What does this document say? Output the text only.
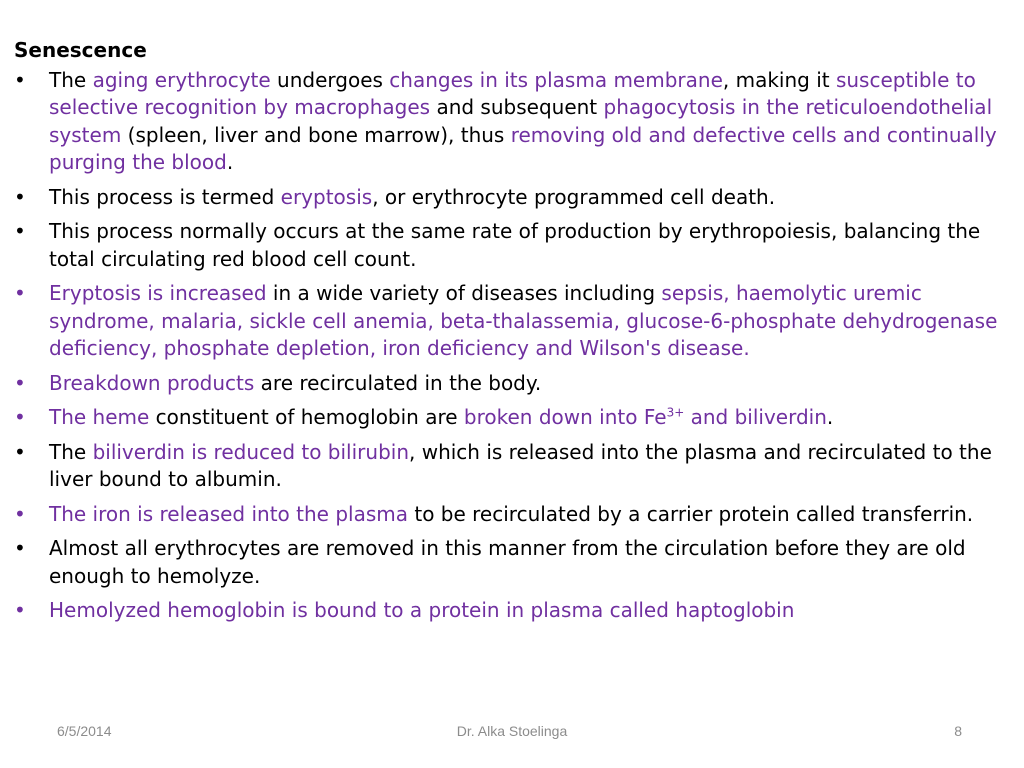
Senescence
•	The aging erythrocyte undergoes changes in its plasma membrane, making it susceptible to selective recognition by macrophages and subsequent phagocytosis in the reticuloendothelial system (spleen, liver and bone marrow), thus removing old and defective cells and continually purging the blood.
•	This process is termed eryptosis, or erythrocyte programmed cell death.
•	This process normally occurs at the same rate of production by erythropoiesis, balancing the total circulating red blood cell count.
•	Eryptosis is increased in a wide variety of diseases including sepsis, haemolytic uremic syndrome, malaria, sickle cell anemia, beta-thalassemia, glucose-6-phosphate dehydrogenase deficiency, phosphate depletion, iron deficiency and Wilson's disease.
•	Breakdown products are recirculated in the body.
•	The heme constituent of hemoglobin are broken down into $Fe^{3+}$ and biliverdin.
•	The biliverdin is reduced to bilirubin, which is released into the plasma and recirculated to the liver bound to albumin.
•	The iron is released into the plasma to be recirculated by a carrier protein called transferrin.
•	Almost all erythrocytes are removed in this manner from the circulation before they are old enough to hemolyze.
•	Hemolyzed hemoglobin is bound to a protein in plasma called haptoglobin
6/5/2014	Dr. Alka Stoelinga	8
